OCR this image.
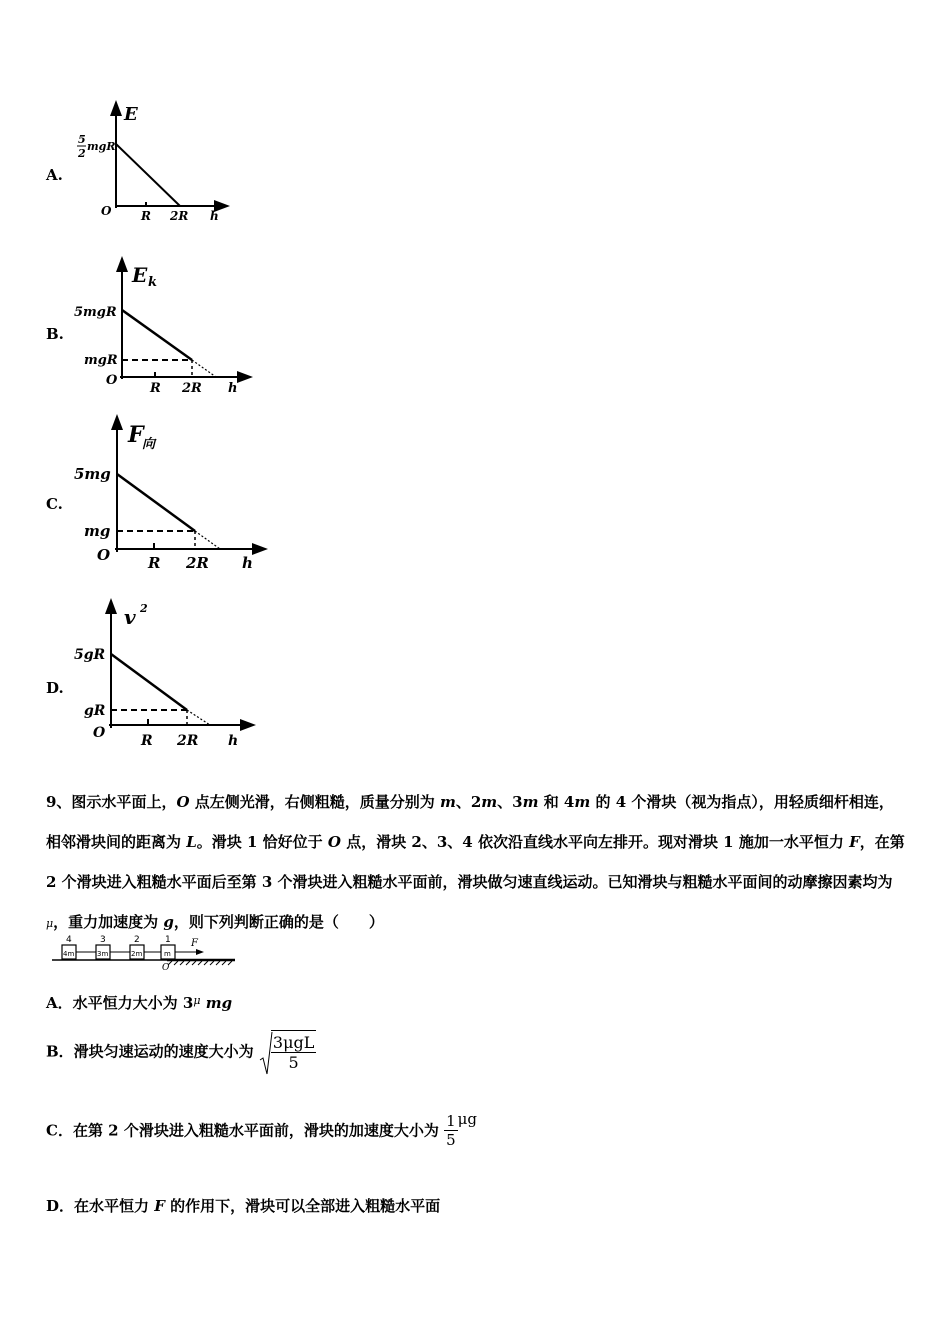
A.
E
5
2
mgR
O R 2R h
B.
E k
5mgR
mgR
O
R 2R h
C.
F
向
5mg
mg
O	R 2R h
D.
v 2
5gR
gR
O	R 2R h
9、图示水平面上，O 点左侧光滑，右侧粗糙，质量分别为 m、2m、3m 和 4m 的 4 个滑块（视为指点），用轻质细杆相连，相邻滑块间的距离为 L。滑块 1 恰好位于 O 点，滑块 2、3、4 依次沿直线水平向左排开。现对滑块 1 施加一水平恒力 F，在第 2 个滑块进入粗糙水平面后至第 3 个滑块进入粗糙水平面前，滑块做匀速直线运动。已知滑块与粗糙水平面间的动摩擦因素均为 μ，重力加速度为 g，则下列判断正确的是（　　）
4	3	2	1
4m	3m	2m	m
F
O
A．水平恒力大小为 $3^\mu$ mg
B．滑块匀速运动的速度大小为 $\frac{\text{3μgL}}{5}$
C．在第 2 个滑块进入粗糙水平面前，滑块的加速度大小为 $\frac{1}{5}$ μg
D．在水平恒力 F 的作用下，滑块可以全部进入粗糙水平面
